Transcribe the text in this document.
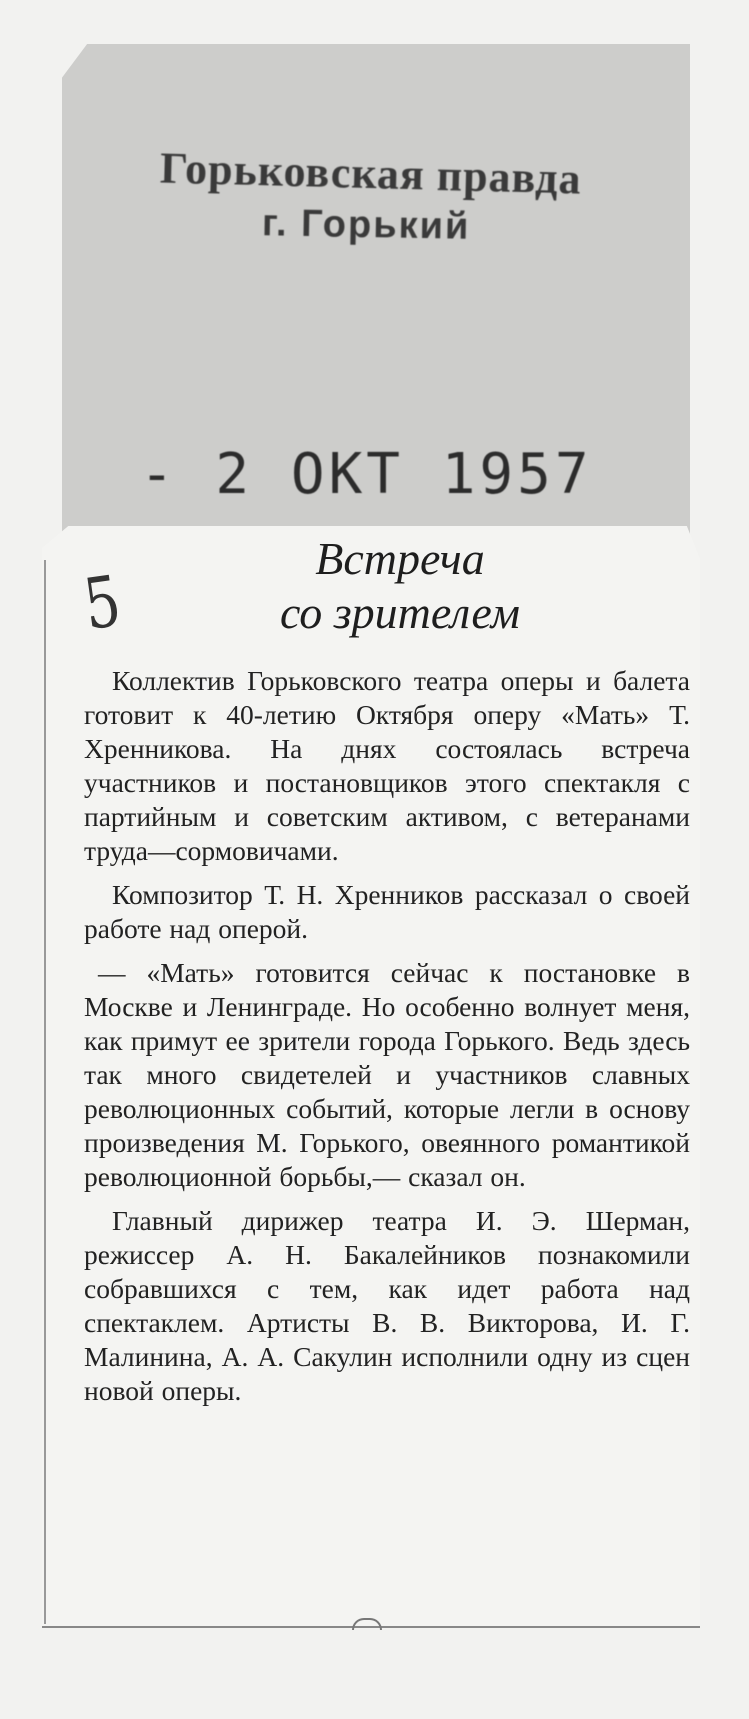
Горьковская правда
г. Горький
- 2 ОКТ 1957
5
Встреча
со зрителем

Коллектив Горьковского театра оперы и балета готовит к 40-летию Октября оперу «Мать» Т. Хренникова. На днях состоялась встреча участников и постановщиков этого спектакля с партийным и советским активом, с ветеранами труда—сормовичами.

Композитор Т. Н. Хренников рассказал о своей работе над оперой.

— «Мать» готовится сейчас к постановке в Москве и Ленинграде. Но особенно волнует меня, как примут ее зрители города Горького. Ведь здесь так много свидетелей и участников славных революционных событий, которые легли в основу произведения М. Горького, овеянного романтикой революционной борьбы,— сказал он.

Главный дирижер театра И. Э. Шерман, режиссер А. Н. Бакалейников познакомили собравшихся с тем, как идет работа над спектаклем. Артисты В. В. Викторова, И. Г. Малинина, А. А. Сакулин исполнили одну из сцен новой оперы.
